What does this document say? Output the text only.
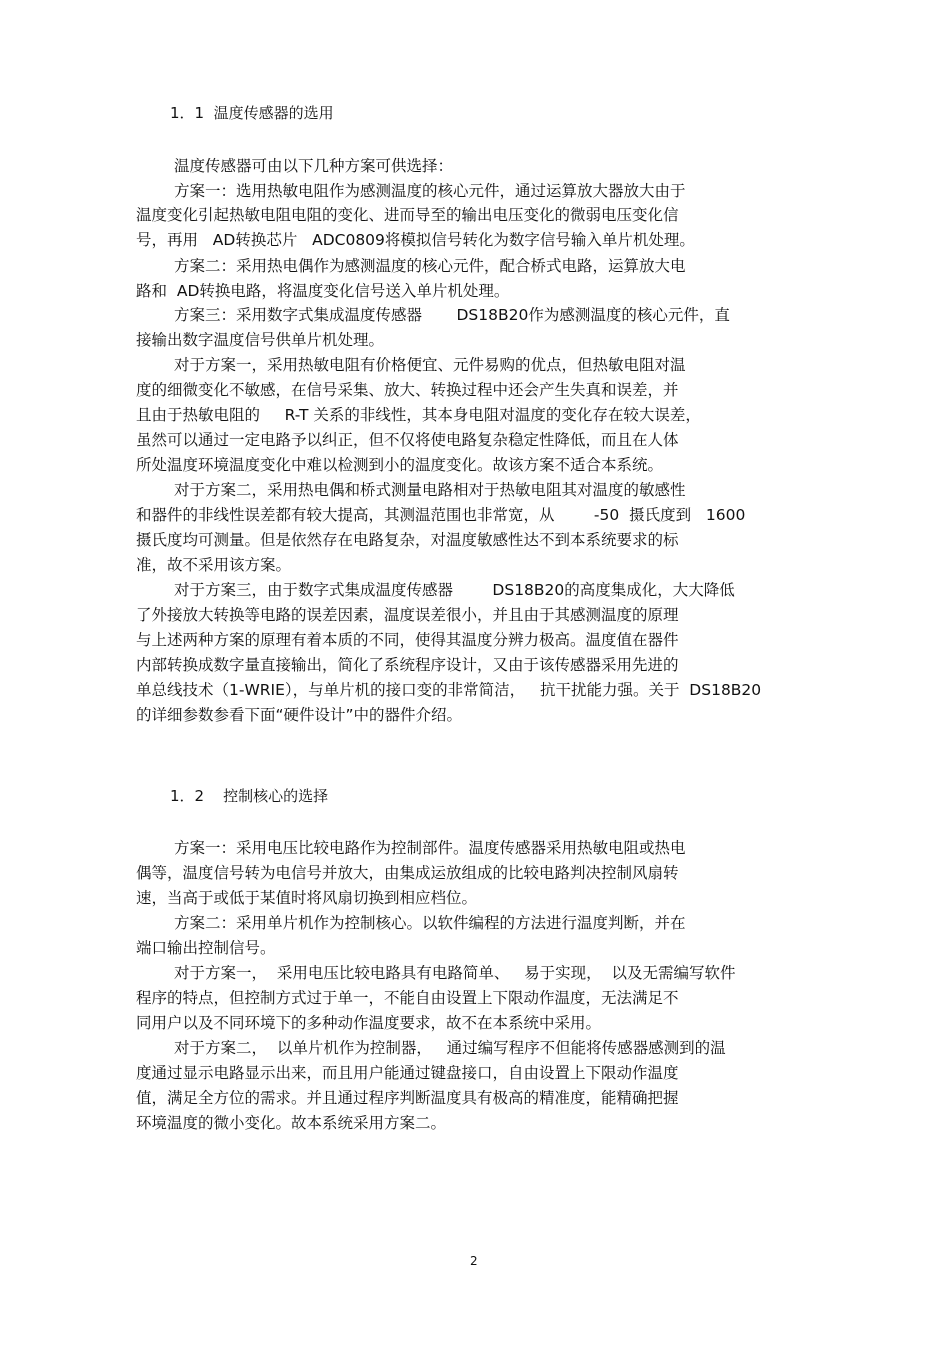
1．1  温度传感器的选用
温度传感器可由以下几种方案可供选择：
方案一：选用热敏电阻作为感测温度的核心元件，通过运算放大器放大由于
温度变化引起热敏电阻电阻的变化、进而导至的输出电压变化的微弱电压变化信
号，再用   AD转换芯片   ADC0809将模拟信号转化为数字信号输入单片机处理。
方案二：采用热电偶作为感测温度的核心元件，配合桥式电路，运算放大电
路和  AD转换电路，将温度变化信号送入单片机处理。
方案三：采用数字式集成温度传感器       DS18B20作为感测温度的核心元件，直
接输出数字温度信号供单片机处理。
对于方案一，采用热敏电阻有价格便宜、元件易购的优点，但热敏电阻对温
度的细微变化不敏感，在信号采集、放大、转换过程中还会产生失真和误差，并
且由于热敏电阻的     R-T 关系的非线性，其本身电阻对温度的变化存在较大误差，
虽然可以通过一定电路予以纠正，但不仅将使电路复杂稳定性降低，而且在人体
所处温度环境温度变化中难以检测到小的温度变化。故该方案不适合本系统。
对于方案二，采用热电偶和桥式测量电路相对于热敏电阻其对温度的敏感性
和器件的非线性误差都有较大提高，其测温范围也非常宽，从        -50  摄氏度到   1600
摄氏度均可测量。但是依然存在电路复杂，对温度敏感性达不到本系统要求的标
准，故不采用该方案。
对于方案三，由于数字式集成温度传感器        DS18B20的高度集成化，大大降低
了外接放大转换等电路的误差因素，温度误差很小，并且由于其感测温度的原理
与上述两种方案的原理有着本质的不同，使得其温度分辨力极高。温度值在器件
内部转换成数字量直接输出，简化了系统程序设计，又由于该传感器采用先进的
单总线技术（1-WRIE），与单片机的接口变的非常简洁，   抗干扰能力强。关于  DS18B20
的详细参数参看下面“硬件设计”中的器件介绍。
1．2    控制核心的选择
方案一：采用电压比较电路作为控制部件。温度传感器采用热敏电阻或热电
偶等，温度信号转为电信号并放大，由集成运放组成的比较电路判决控制风扇转
速，当高于或低于某值时将风扇切换到相应档位。
方案二：采用单片机作为控制核心。以软件编程的方法进行温度判断，并在
端口输出控制信号。
对于方案一，  采用电压比较电路具有电路简单、   易于实现，  以及无需编写软件
程序的特点，但控制方式过于单一，不能自由设置上下限动作温度，无法满足不
同用户以及不同环境下的多种动作温度要求，故不在本系统中采用。
对于方案二，  以单片机作为控制器，   通过编写程序不但能将传感器感测到的温
度通过显示电路显示出来，而且用户能通过键盘接口，自由设置上下限动作温度
值，满足全方位的需求。并且通过程序判断温度具有极高的精准度，能精确把握
环境温度的微小变化。故本系统采用方案二。
2
